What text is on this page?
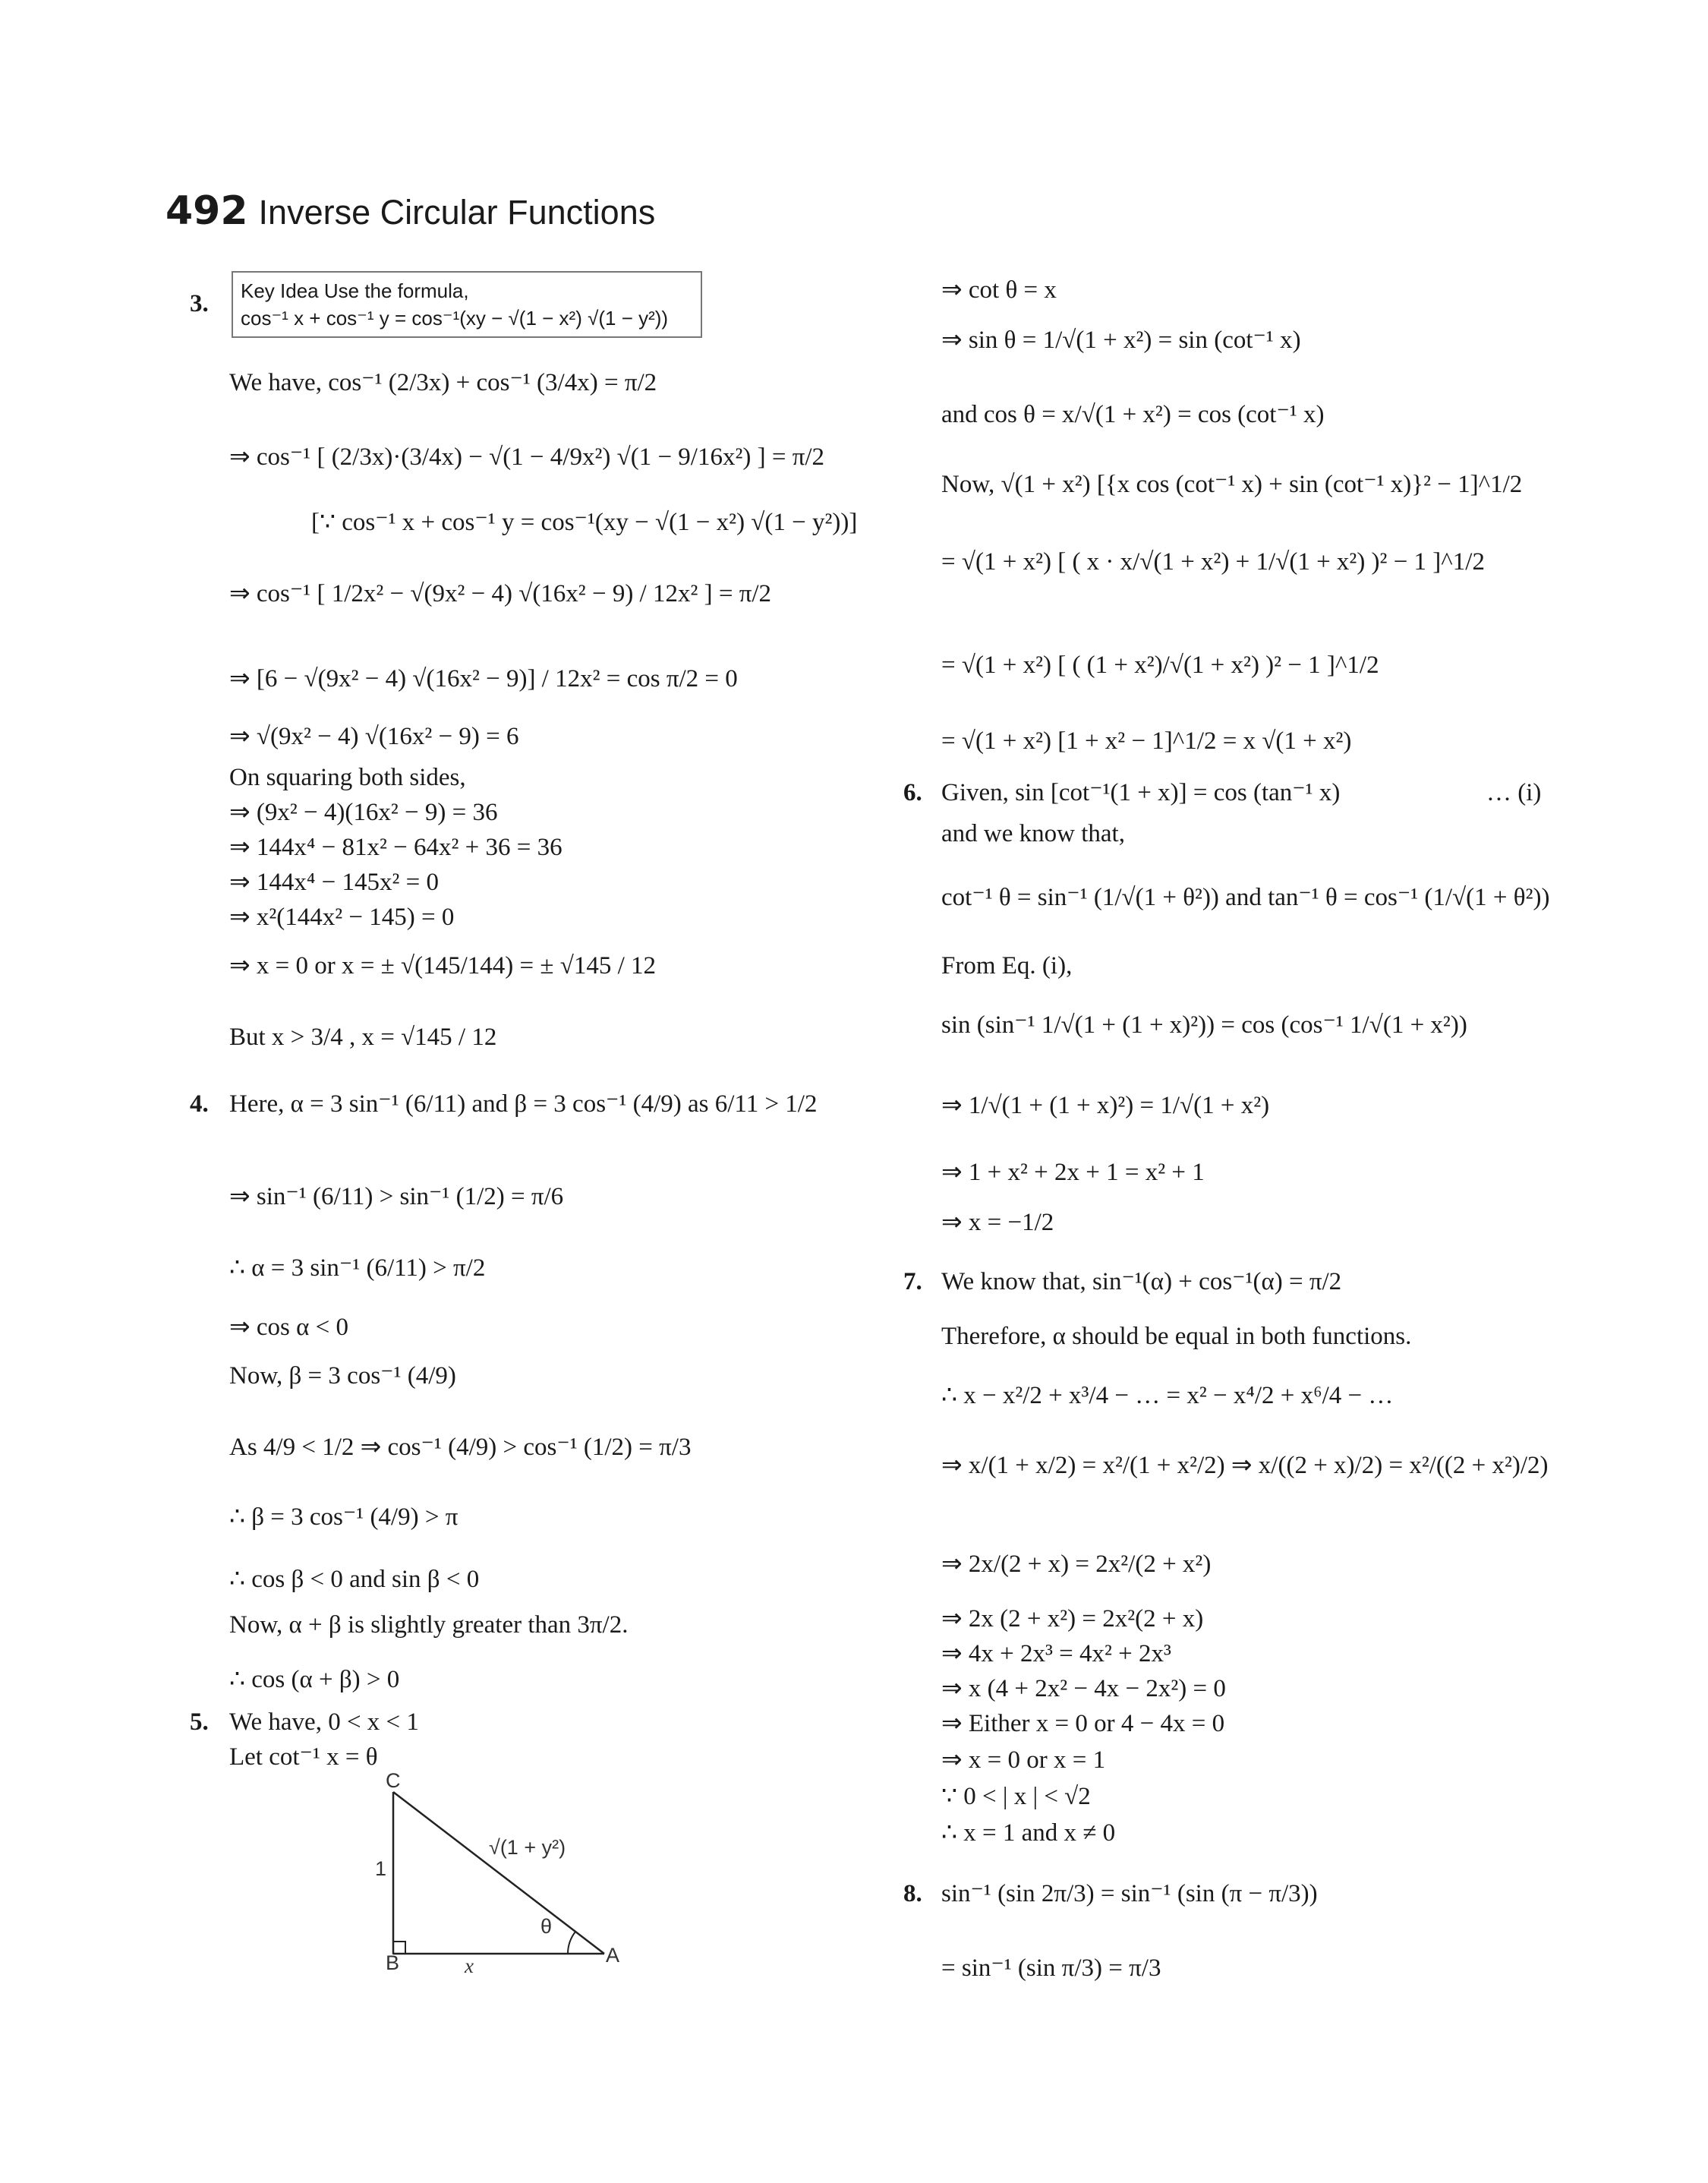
492 Inverse Circular Functions
3. Key Idea Use the formula,
cos⁻¹ x + cos⁻¹ y = cos⁻¹(xy − √(1 − x²) √(1 − y²))
We have, cos⁻¹ (2/3x) + cos⁻¹ (3/4x) = π/2
⇒ cos⁻¹ [ (2/3x)·(3/4x) − √(1 − 4/9x²) √(1 − 9/16x²) ] = π/2
[∵ cos⁻¹ x + cos⁻¹ y = cos⁻¹(xy − √(1 − x²) √(1 − y²))]
⇒ cos⁻¹ [ 1/2x² − √(9x² − 4) √(16x² − 9) / 12x² ] = π/2
⇒ [6 − √(9x² − 4) √(16x² − 9)] / 12x² = cos π/2 = 0
⇒ √(9x² − 4) √(16x² − 9) = 6
On squaring both sides,
⇒ (9x² − 4)(16x² − 9) = 36
⇒ 144x⁴ − 81x² − 64x² + 36 = 36
⇒ 144x⁴ − 145x² = 0
⇒ x²(144x² − 145) = 0
⇒ x = 0 or x = ± √(145/144) = ± √145 / 12
But x > 3/4 , x = √145 / 12
4. Here, α = 3 sin⁻¹ (6/11) and β = 3 cos⁻¹ (4/9) as 6/11 > 1/2
⇒ sin⁻¹ (6/11) > sin⁻¹ (1/2) = π/6
∴ α = 3 sin⁻¹ (6/11) > π/2
⇒ cos α < 0
Now, β = 3 cos⁻¹ (4/9)
As 4/9 < 1/2 ⇒ cos⁻¹ (4/9) > cos⁻¹ (1/2) = π/3
∴ β = 3 cos⁻¹ (4/9) > π
∴ cos β < 0 and sin β < 0
Now, α + β is slightly greater than 3π/2.
∴ cos (α + β) > 0
5. We have, 0 < x < 1
Let cot⁻¹ x = θ
C
B	A
1
x
√(1 + y²)
θ
⇒ cot θ = x
⇒ sin θ = 1/√(1 + x²) = sin (cot⁻¹ x)
and cos θ = x/√(1 + x²) = cos (cot⁻¹ x)
Now, √(1 + x²) [{x cos (cot⁻¹ x) + sin (cot⁻¹ x)}² − 1]^1/2
= √(1 + x²) [ ( x · x/√(1 + x²) + 1/√(1 + x²) )² − 1 ]^1/2
= √(1 + x²) [ ( (1 + x²)/√(1 + x²) )² − 1 ]^1/2
= √(1 + x²) [1 + x² − 1]^1/2 = x √(1 + x²)
6. Given, sin [cot⁻¹(1 + x)] = cos (tan⁻¹ x)	… (i)
and we know that,
cot⁻¹ θ = sin⁻¹ (1/√(1 + θ²)) and tan⁻¹ θ = cos⁻¹ (1/√(1 + θ²))
From Eq. (i),
sin (sin⁻¹ 1/√(1 + (1 + x)²)) = cos (cos⁻¹ 1/√(1 + x²))
⇒ 1/√(1 + (1 + x)²) = 1/√(1 + x²)
⇒ 1 + x² + 2x + 1 = x² + 1
⇒ x = −1/2
7. We know that, sin⁻¹(α) + cos⁻¹(α) = π/2
Therefore, α should be equal in both functions.
∴ x − x²/2 + x³/4 − … = x² − x⁴/2 + x⁶/4 − …
⇒ x/(1 + x/2) = x²/(1 + x²/2) ⇒ x/((2 + x)/2) = x²/((2 + x²)/2)
⇒ 2x/(2 + x) = 2x²/(2 + x²)
⇒ 2x (2 + x²) = 2x²(2 + x)
⇒ 4x + 2x³ = 4x² + 2x³
⇒ x (4 + 2x² − 4x − 2x²) = 0
⇒ Either x = 0 or 4 − 4x = 0
⇒ x = 0 or x = 1
∵ 0 < | x | < √2
∴ x = 1 and x ≠ 0
8. sin⁻¹ (sin 2π/3) = sin⁻¹ (sin (π − π/3))
= sin⁻¹ (sin π/3) = π/3
